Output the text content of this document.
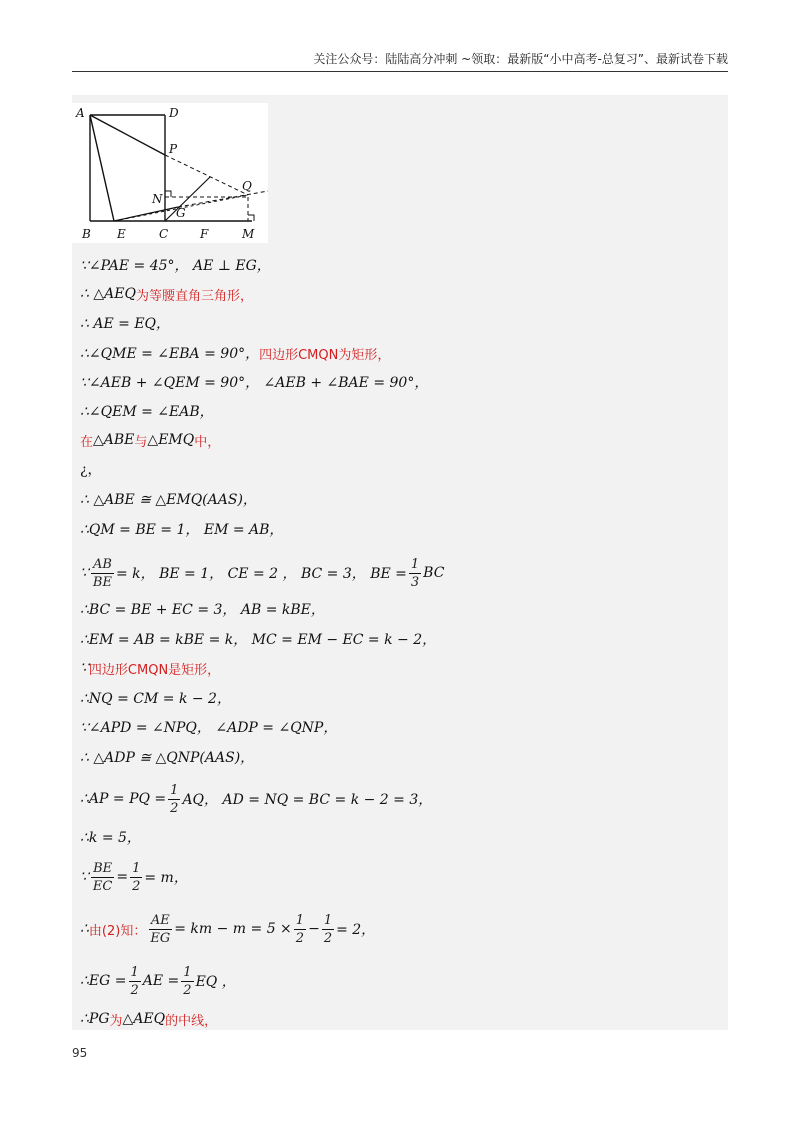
关注公众号：陆陆高分冲刺 ~领取：最新版“小中高考-总复习”、最新试卷下载
A	D
P
Q
N
G
B E	C	F	M
∵∠PAE = 45°， AE ⊥ EG，
∴ △AEQ 为等腰直角三角形，
∴ AE = EQ，
∴∠QME = ∠EBA = 90°， 四边形CMQN为矩形，
∵∠AEB + ∠QEM = 90°， ∠AEB + ∠BAE = 90°，
∴∠QEM = ∠EAB，
在 △ABE 与 △EMQ 中，
¿，
∴ △ABE ≅ △EMQ(AAS)，
∴QM = BE = 1， EM = AB，
∵ $\frac{AB}{BE} = k$， BE = 1， CE = 2 ， BC = 3， BE = $\frac{1}{3}$ BC
∴BC = BE + EC = 3， AB = kBE，
∴EM = AB = kBE = k， MC = EM − EC = k − 2，
∵ 四边形CMQN是矩形，
∴NQ = CM = k − 2，
∵∠APD = ∠NPQ， ∠ADP = ∠QNP，
∴ △ADP ≅ △QNP(AAS)，
∴AP = PQ = $\frac{1}{2}$ AQ， AD = NQ = BC = k − 2 = 3，
∴k = 5，
∵ $\frac{BE}{EC} = \frac{1}{2} = m$，
∴ 由(2)知： $\frac{AE}{EG}$ = km − $m = 5 \times \frac{1}{2} - \frac{1}{2} = 2$，
∴EG = $\frac{1}{2}$ AE = $\frac{1}{2}$ EQ ，
∴ PG 为 △AEQ 的中线，
95
